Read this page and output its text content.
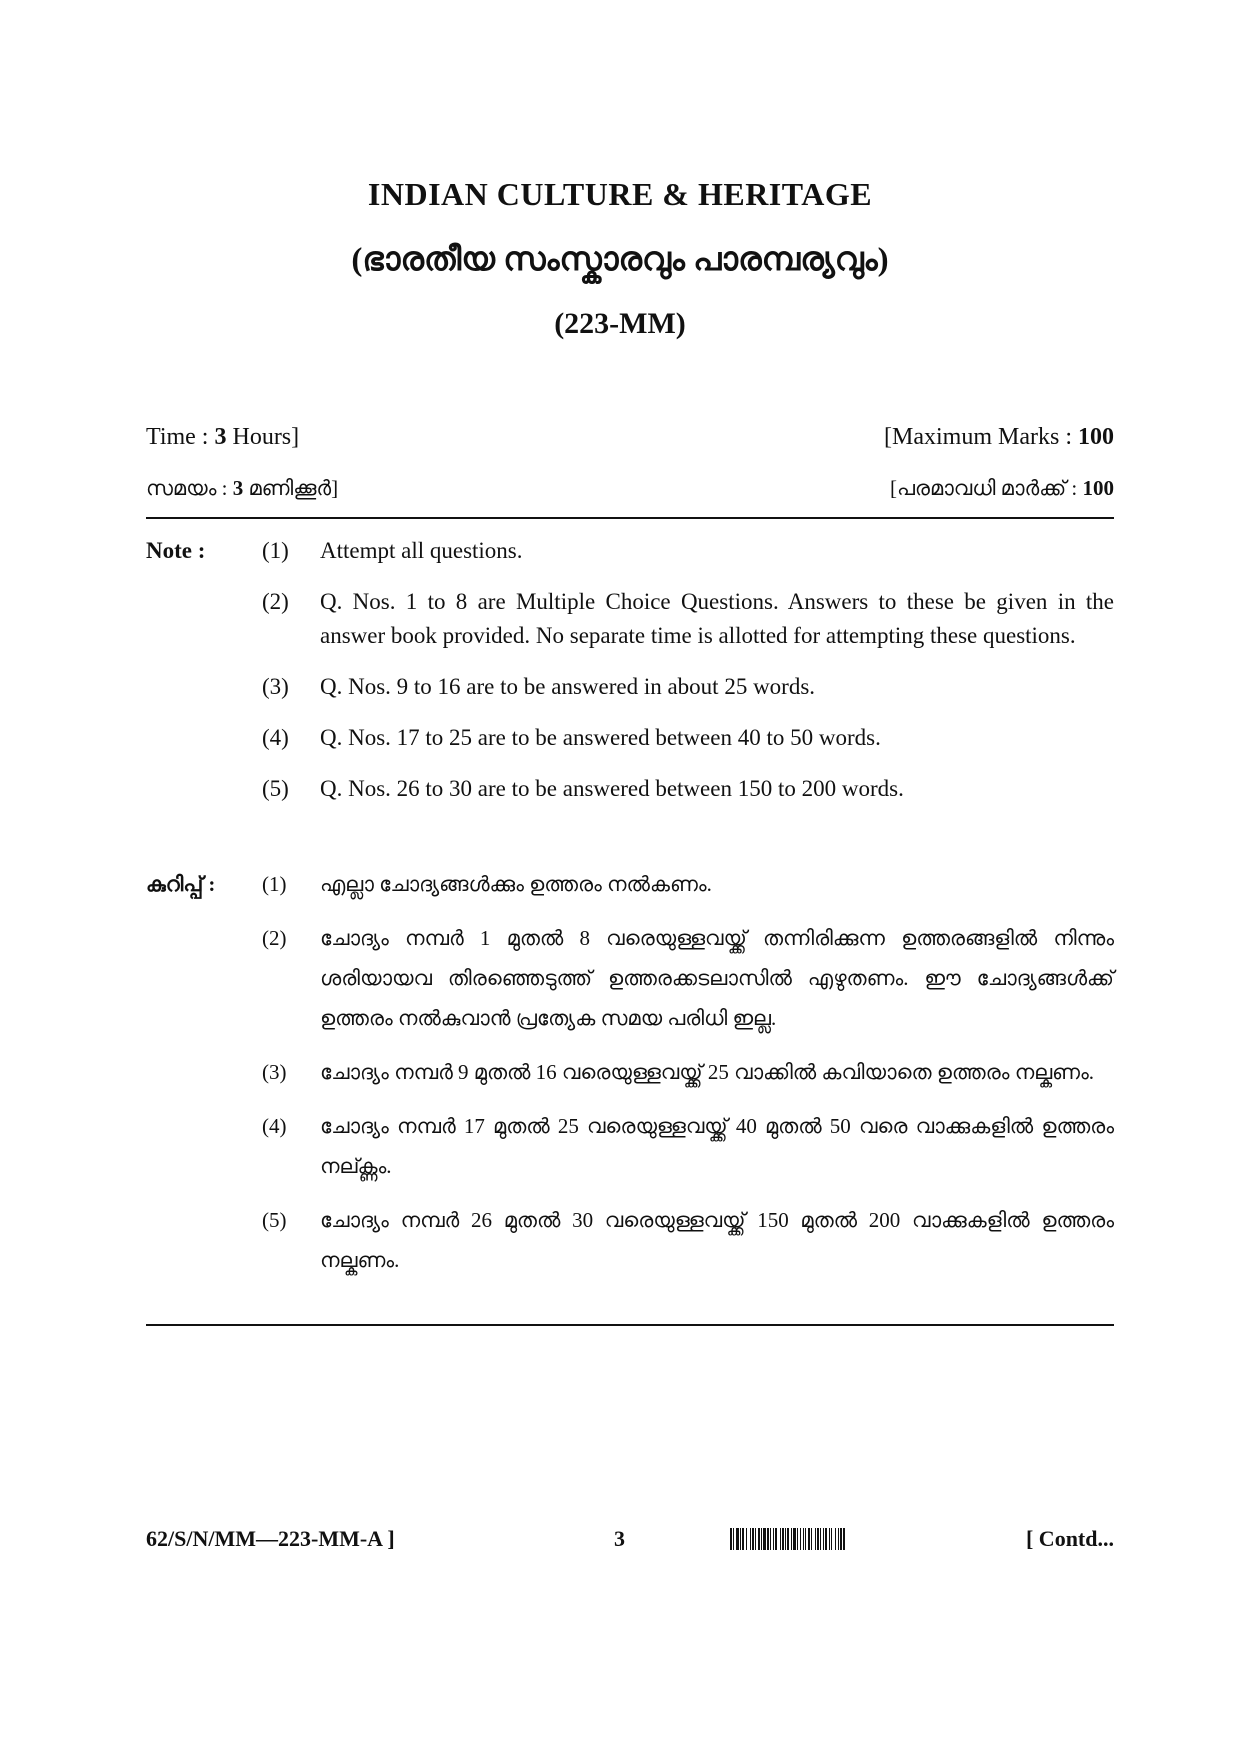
INDIAN CULTURE & HERITAGE
(ഭാരതീയ സംസ്കാരവും പാരമ്പര്യവും)
(223-MM)
Time : 3 Hours]	[Maximum Marks : 100
സമയം : 3 മണിക്കൂർ]	[പരമാവധി മാർക്ക് : 100
Note :	(1)	Attempt all questions.
(2)	Q. Nos. 1 to 8 are Multiple Choice Questions. Answers to these be given in the answer book provided. No separate time is allotted for attempting these questions.
(3)	Q. Nos. 9 to 16 are to be answered in about 25 words.
(4)	Q. Nos. 17 to 25 are to be answered between 40 to 50 words.
(5)	Q. Nos. 26 to 30 are to be answered between 150 to 200 words.
കുറിപ്പ് :	(1)	എല്ലാ ചോദ്യങ്ങൾക്കും ഉത്തരം നൽകണം.
(2)	ചോദ്യം നമ്പർ 1 മുതൽ 8 വരെയുള്ളവയ്ക്ക് തന്നിരിക്കുന്ന ഉത്തരങ്ങളിൽ നിന്നും ശരിയായവ തിരഞ്ഞെടുത്ത് ഉത്തരക്കടലാസിൽ എഴുതണം. ഈ ചോദ്യങ്ങൾക്ക് ഉത്തരം നൽകുവാൻ പ്രത്യേക സമയ പരിധി ഇല്ല.
(3)	ചോദ്യം നമ്പർ 9 മുതൽ 16 വരെയുള്ളവയ്ക്ക് 25 വാക്കിൽ കവിയാതെ ഉത്തരം നല്കണം.
(4)	ചോദ്യം നമ്പർ 17 മുതൽ 25 വരെയുള്ളവയ്ക്ക് 40 മുതൽ 50 വരെ വാക്കുകളിൽ ഉത്തരം നല്ക്ണം.
(5)	ചോദ്യം നമ്പർ 26 മുതൽ 30 വരെയുള്ളവയ്ക്ക് 150 മുതൽ 200 വാക്കുകളിൽ ഉത്തരം നല്കണം.
62/S/N/MM—223-MM-A ]	3	[ Contd...
